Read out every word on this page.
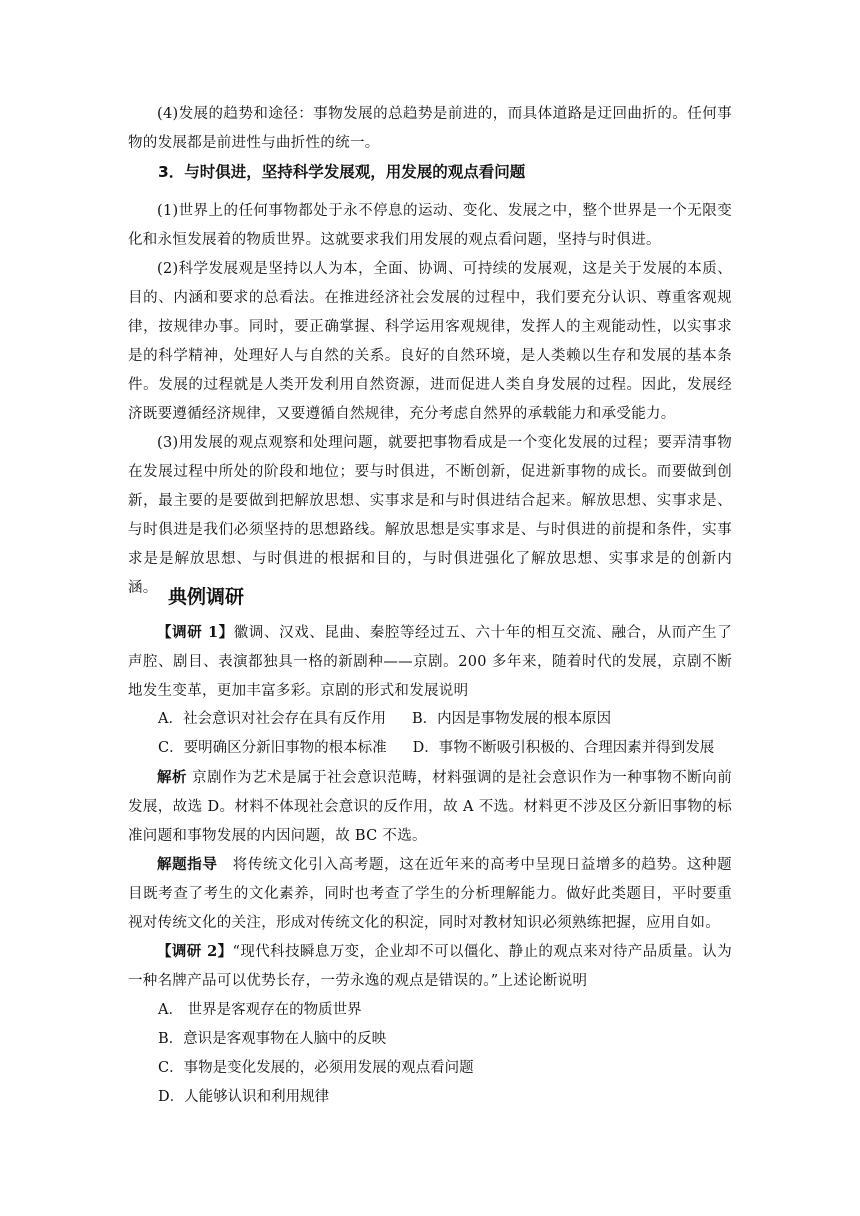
(4)发展的趋势和途径：事物发展的总趋势是前进的，而具体道路是迂回曲折的。任何事物的发展都是前进性与曲折性的统一。

3．与时俱进，坚持科学发展观，用发展的观点看问题

(1)世界上的任何事物都处于永不停息的运动、变化、发展之中，整个世界是一个无限变化和永恒发展着的物质世界。这就要求我们用发展的观点看问题，坚持与时俱进。

(2)科学发展观是坚持以人为本，全面、协调、可持续的发展观，这是关于发展的本质、目的、内涵和要求的总看法。在推进经济社会发展的过程中，我们要充分认识、尊重客观规律，按规律办事。同时，要正确掌握、科学运用客观规律，发挥人的主观能动性，以实事求是的科学精神，处理好人与自然的关系。良好的自然环境，是人类赖以生存和发展的基本条件。发展的过程就是人类开发利用自然资源，进而促进人类自身发展的过程。因此，发展经济既要遵循经济规律，又要遵循自然规律，充分考虑自然界的承载能力和承受能力。

(3)用发展的观点观察和处理问题，就要把事物看成是一个变化发展的过程；要弄清事物在发展过程中所处的阶段和地位；要与时俱进，不断创新，促进新事物的成长。而要做到创新，最主要的是要做到把解放思想、实事求是和与时俱进结合起来。解放思想、实事求是、与时俱进是我们必须坚持的思想路线。解放思想是实事求是、与时俱进的前提和条件，实事求是是解放思想、与时俱进的根据和目的，与时俱进强化了解放思想、实事求是的创新内涵。 典例调研

【调研 1】徽调、汉戏、昆曲、秦腔等经过五、六十年的相互交流、融合，从而产生了声腔、剧目、表演都独具一格的新剧种——京剧。200 多年来，随着时代的发展，京剧不断地发生变革，更加丰富多彩。京剧的形式和发展说明

A．社会意识对社会存在具有反作用 B．内因是事物发展的根本原因
C．要明确区分新旧事物的根本标准 D．事物不断吸引积极的、合理因素并得到发展

解析 京剧作为艺术是属于社会意识范畴，材料强调的是社会意识作为一种事物不断向前发展，故选 D。材料不体现社会意识的反作用，故 A 不选。材料更不涉及区分新旧事物的标准问题和事物发展的内因问题，故 BC 不选。

解题指导　 将传统文化引入高考题，这在近年来的高考中呈现日益增多的趋势。这种题目既考查了考生的文化素养，同时也考查了学生的分析理解能力。做好此类题目，平时要重视对传统文化的关注，形成对传统文化的积淀，同时对教材知识必须熟练把握，应用自如。

【调研 2】“现代科技瞬息万变，企业却不可以僵化、静止的观点来对待产品质量。认为一种名牌产品可以优势长存，一劳永逸的观点是错误的。”上述论断说明

A． 世界是客观存在的物质世界
B．意识是客观事物在人脑中的反映
C．事物是变化发展的，必须用发展的观点看问题
D．人能够认识和利用规律
